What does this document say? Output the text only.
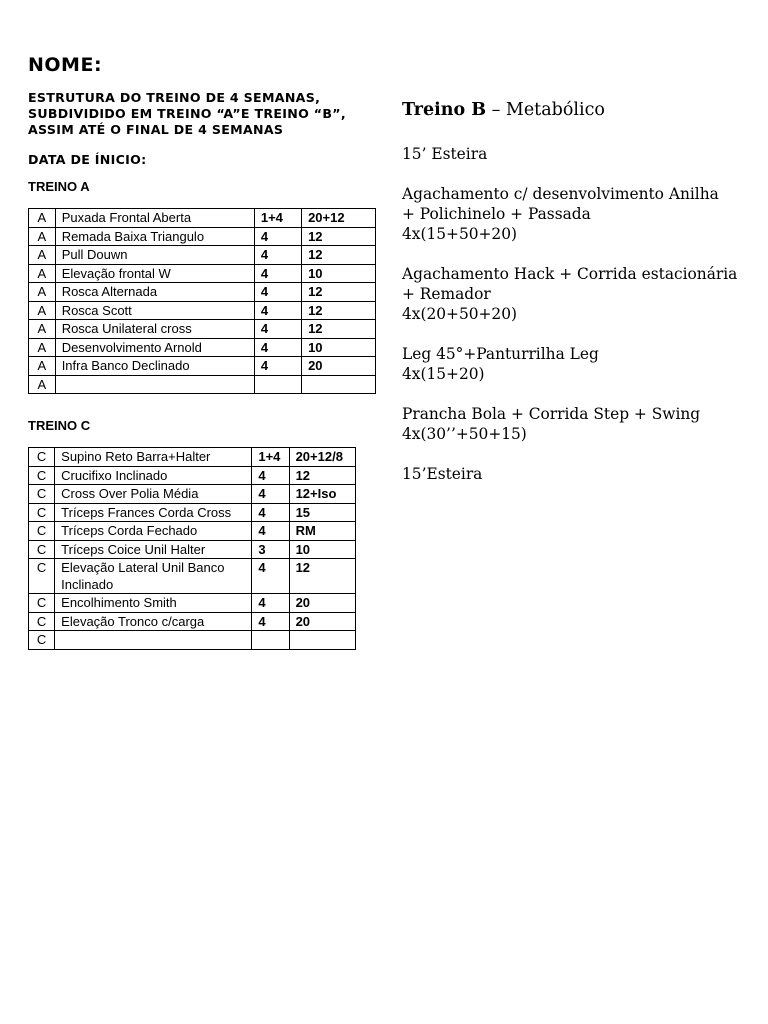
NOME:
ESTRUTURA DO TREINO DE 4 SEMANAS, SUBDIVIDIDO EM TREINO “A”E TREINO “B”, ASSIM ATÉ O FINAL DE 4 SEMANAS
DATA DE ÍNICIO:
TREINO A
A	Puxada Frontal Aberta	1+4	20+12
A	Remada Baixa Triangulo	4	12
A	Pull Douwn	4	12
A	Elevação frontal W	4	10
A	Rosca Alternada	4	12
A	Rosca Scott	4	12
A	Rosca Unilateral cross	4	12
A	Desenvolvimento Arnold	4	10
A	Infra Banco Declinado	4	20
A			
TREINO C
C	Supino Reto Barra+Halter	1+4	20+12/8
C	Crucifixo Inclinado	4	12
C	Cross Over Polia Média	4	12+Iso
C	Tríceps Frances Corda Cross	4	15
C	Tríceps Corda Fechado	4	RM
C	Tríceps Coice Unil Halter	3	10
C	Elevação Lateral Unil Banco Inclinado	4	12
C	Encolhimento Smith	4	20
C	Elevação Tronco c/carga	4	20
C			
Treino B – Metabólico
15’ Esteira
Agachamento c/ desenvolvimento Anilha
+ Polichinelo + Passada
4x(15+50+20)
Agachamento Hack + Corrida estacionária
+ Remador
4x(20+50+20)
Leg 45°+Panturrilha Leg
4x(15+20)
Prancha Bola + Corrida Step + Swing
4x(30’’+50+15)
15’Esteira
